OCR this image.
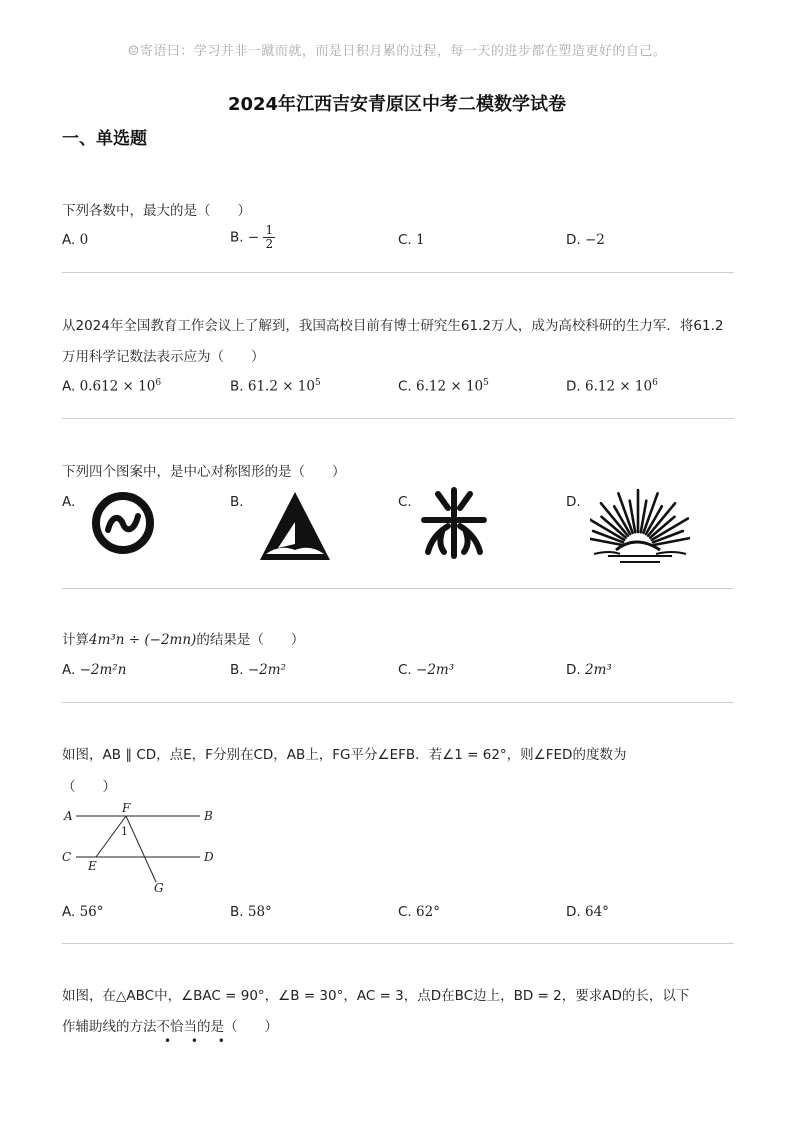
☺寄语曰：学习并非一蹴而就，而是日积月累的过程，每一天的进步都在塑造更好的自己。
2024年江西吉安青原区中考二模数学试卷
一、单选题
下列各数中，最大的是（　　）
A. 0	B. − $\frac{1}{2}$	C. 1	D. −2
从2024年全国教育工作会议上了解到，我国高校目前有博士研究生61.2万人，成为高校科研的生力军．将61.2
万用科学记数法表示应为（　　）
A. $0.612 \times 10^6$	B. $61.2 \times 10^5$	C. $6.12 \times 10^5$	D. $6.12 \times 10^6$
下列四个图案中，是中心对称图形的是（　　）
A.	B.	C.	D.
计算4m³n ÷ (−2mn)的结果是（　　）
A. −2m²n	B. −2m²	C. −2m³	D. 2m³
如图，AB ∥ CD，点E，F分别在CD，AB上，FG平分∠EFB．若∠1 = 62°，则∠FED的度数为
（　　）
A	B
C	D
E
F
G
1
A. 56°	B. 58°	C. 62°	D. 64°
如图，在△ABC中，∠BAC = 90°，∠B = 30°，AC = 3，点D在BC边上，BD = 2，要求AD的长，以下
作辅助线的方法不恰当的是（　　）
• • •
